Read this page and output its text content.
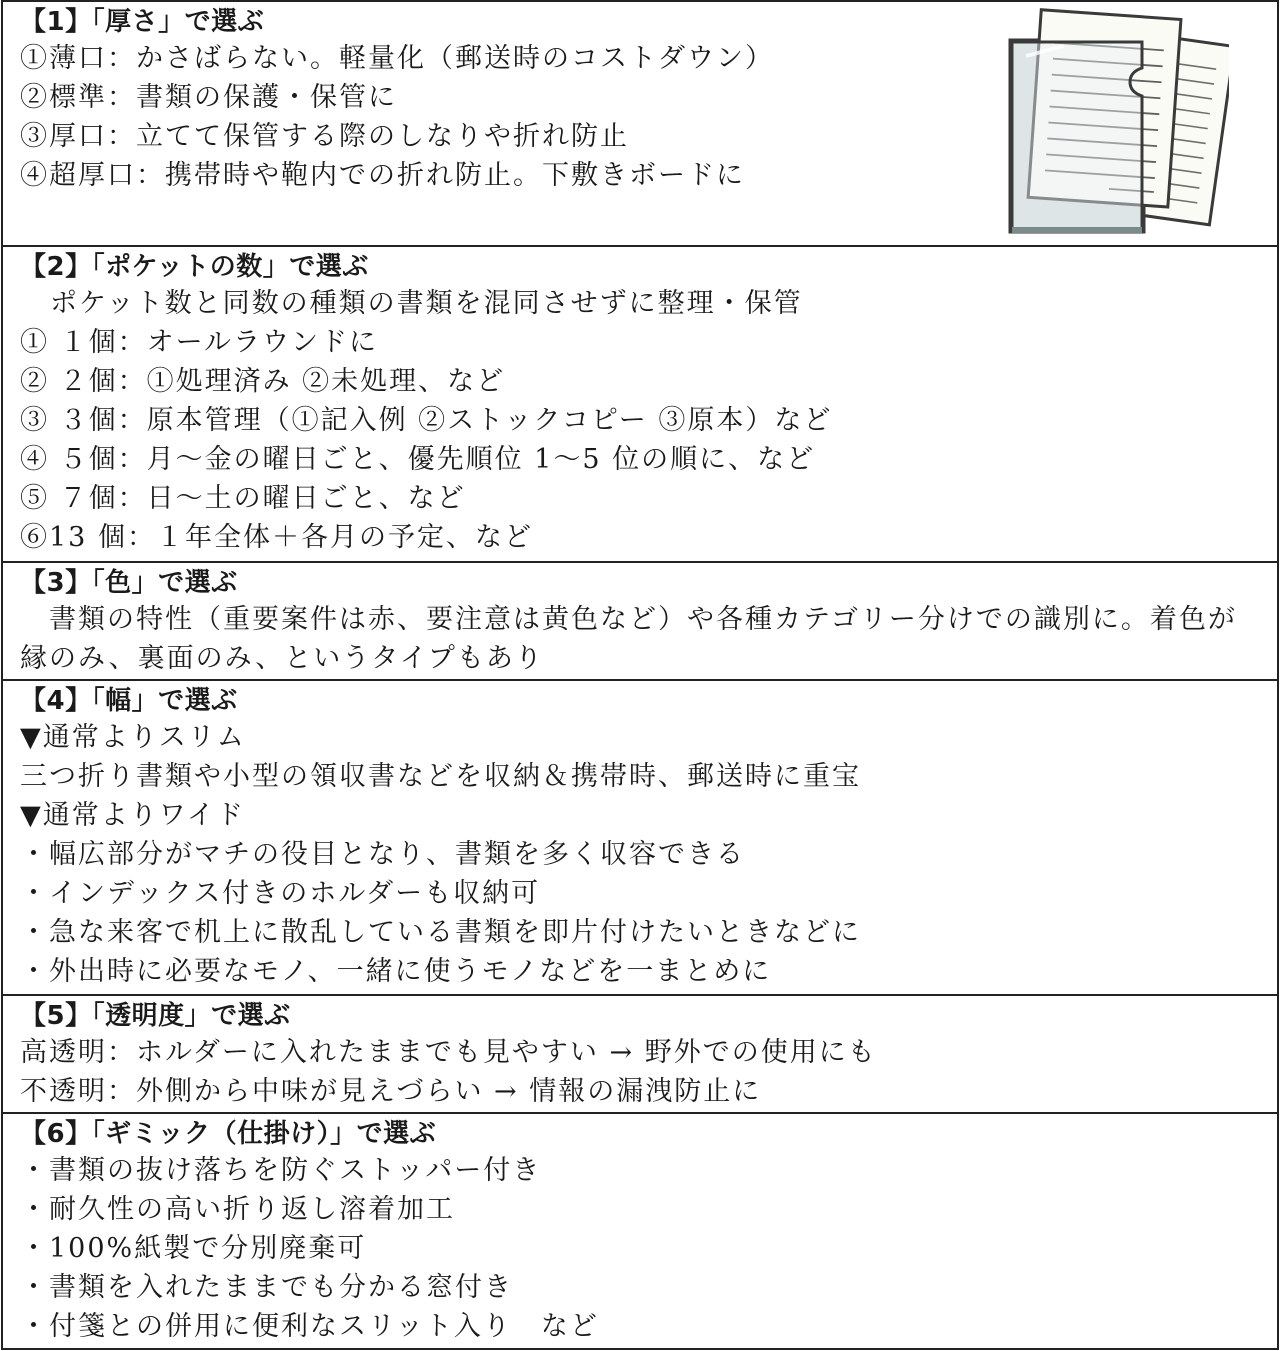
【1】「厚さ」で選ぶ
①薄口：かさばらない。軽量化（郵送時のコストダウン）
②標準：書類の保護・保管に
③厚口：立てて保管する際のしなりや折れ防止
④超厚口：携帯時や鞄内での折れ防止。下敷きボードに
【2】「ポケットの数」で選ぶ
ポケット数と同数の種類の書類を混同させずに整理・保管
① １個：オールラウンドに
② ２個：①処理済み ②未処理、など
③ ３個：原本管理（①記入例 ②ストックコピー ③原本）など
④ ５個：月～金の曜日ごと、優先順位 1～5 位の順に、など
⑤ ７個：日～土の曜日ごと、など
⑥13 個：１年全体＋各月の予定、など
【3】「色」で選ぶ
　書類の特性（重要案件は赤、要注意は黄色など）や各種カテゴリー分けでの識別に。着色が縁のみ、裏面のみ、というタイプもあり
【4】「幅」で選ぶ
▼通常よりスリム
三つ折り書類や小型の領収書などを収納＆携帯時、郵送時に重宝
▼通常よりワイド
・幅広部分がマチの役目となり、書類を多く収容できる
・インデックス付きのホルダーも収納可
・急な来客で机上に散乱している書類を即片付けたいときなどに
・外出時に必要なモノ、一緒に使うモノなどを一まとめに
【5】「透明度」で選ぶ
高透明：ホルダーに入れたままでも見やすい → 野外での使用にも
不透明：外側から中味が見えづらい → 情報の漏洩防止に
【6】「ギミック（仕掛け）」で選ぶ
・書類の抜け落ちを防ぐストッパー付き
・耐久性の高い折り返し溶着加工
・100%紙製で分別廃棄可
・書類を入れたままでも分かる窓付き
・付箋との併用に便利なスリット入り　など
